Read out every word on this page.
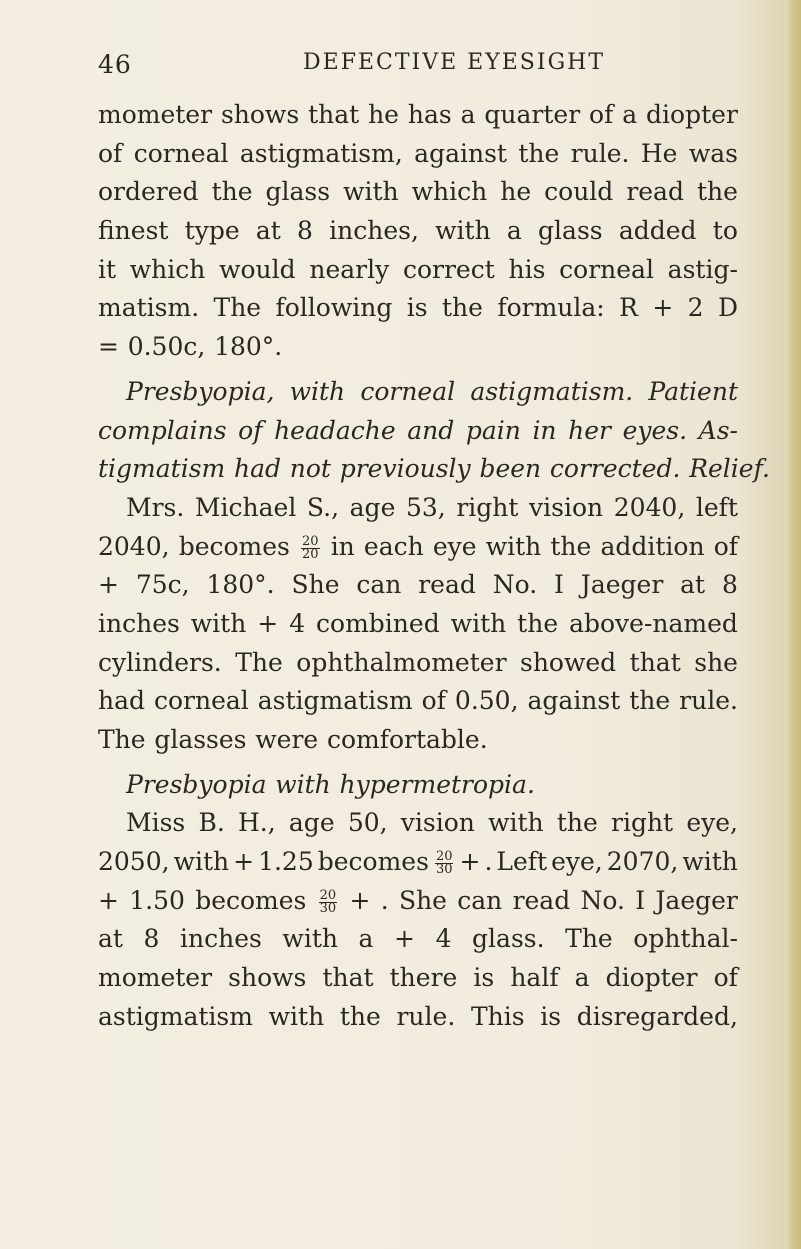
46	DEFECTIVE EYESIGHT
mometer shows that he has a quarter of a diopter
of corneal astigmatism, against the rule. He was
ordered the glass with which he could read the
finest type at 8 inches, with a glass added to
it which would nearly correct his corneal astig-
matism. The following is the formula: R + 2 D
= 0.50c, 180°.
Presbyopia, with corneal astigmatism. Patient
complains of headache and pain in her eyes. As-
tigmatism had not previously been corrected. Relief.
Mrs. Michael S., age 53, right vision 2040, left
2040, becomes $\frac{20}{20}$ in each eye with the addition of
+ 75c, 180°. She can read No. I Jaeger at 8
inches with + 4 combined with the above-named
cylinders. The ophthalmometer showed that she
had corneal astigmatism of 0.50, against the rule.
The glasses were comfortable.
Presbyopia with hypermetropia.
Miss B. H., age 50, vision with the right eye,
2050, with + 1.25 becomes $\frac{20}{30}$ + . Left eye, 2070, with
+ 1.50 becomes $\frac{20}{30}$ + . She can read No. I Jaeger
at 8 inches with a + 4 glass. The ophthal-
mometer shows that there is half a diopter of
astigmatism with the rule. This is disregarded,
